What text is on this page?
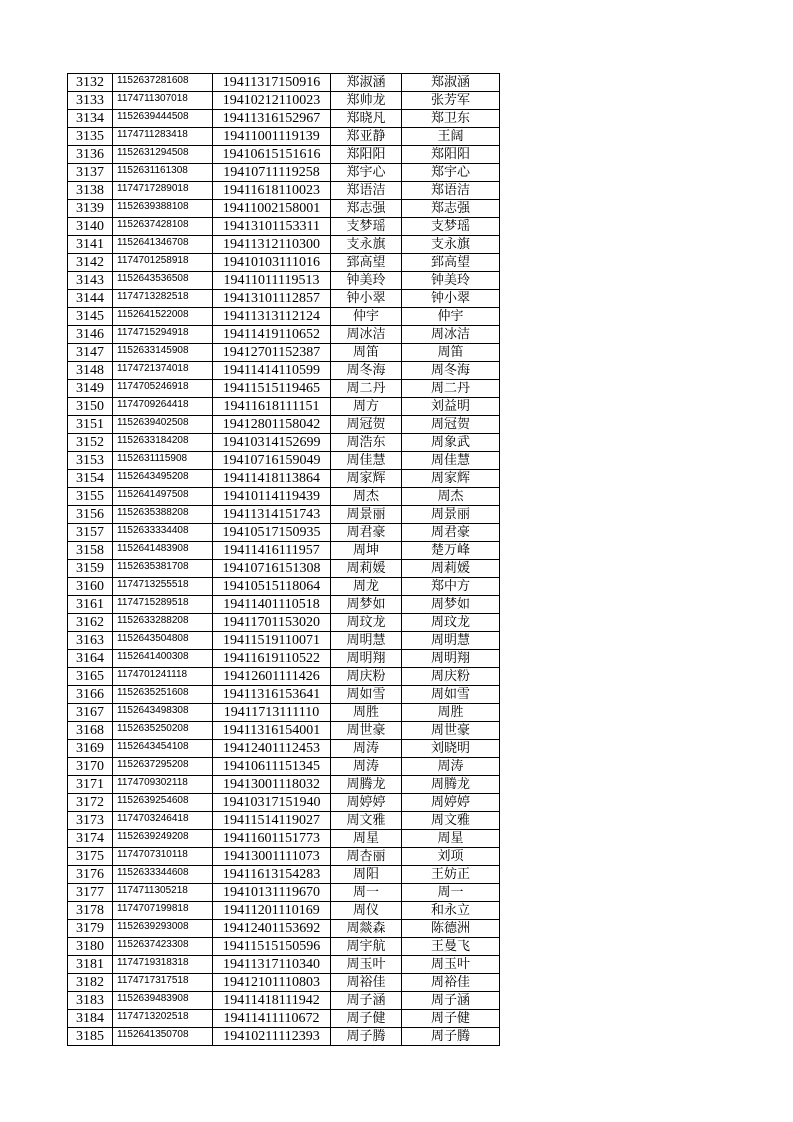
3132	1152637281608	19411317150916	郑淑涵	郑淑涵
3133	1174711307018	19410212110023	郑帅龙	张芳军
3134	1152639444508	19411316152967	郑晓凡	郑卫东
3135	1174711283418	19411001119139	郑亚静	王阔
3136	1152631294508	19410615151616	郑阳阳	郑阳阳
3137	1152631161308	19410711119258	郑宇心	郑宇心
3138	1174717289018	19411618110023	郑语洁	郑语洁
3139	1152639388108	19411002158001	郑志强	郑志强
3140	1152637428108	19413101153311	支梦瑶	支梦瑶
3141	1152641346708	19411312110300	支永旗	支永旗
3142	1174701258918	19410103111016	郅高望	郅高望
3143	1152643536508	19411011119513	钟美玲	钟美玲
3144	1174713282518	19413101112857	钟小翠	钟小翠
3145	1152641522008	19411313112124	仲宇	仲宇
3146	1174715294918	19411419110652	周冰洁	周冰洁
3147	1152633145908	19412701152387	周笛	周笛
3148	1174721374018	19411414110599	周冬海	周冬海
3149	1174705246918	19411515119465	周二丹	周二丹
3150	1174709264418	19411618111151	周方	刘益明
3151	1152639402508	19412801158042	周冠贺	周冠贺
3152	1152633184208	19410314152699	周浩东	周象武
3153	1152631115908	19410716159049	周佳慧	周佳慧
3154	1152643495208	19411418113864	周家辉	周家辉
3155	1152641497508	19410114119439	周杰	周杰
3156	1152635388208	19411314151743	周景丽	周景丽
3157	1152633334408	19410517150935	周君豪	周君豪
3158	1152641483908	19411416111957	周坤	楚万峰
3159	1152635381708	19410716151308	周莉媛	周莉媛
3160	1174713255518	19410515118064	周龙	郑中方
3161	1174715289518	19411401110518	周梦如	周梦如
3162	1152633288208	19411701153020	周玟龙	周玟龙
3163	1152643504808	19411519110071	周明慧	周明慧
3164	1152641400308	19411619110522	周明翔	周明翔
3165	1174701241118	19412601111426	周庆粉	周庆粉
3166	1152635251608	19411316153641	周如雪	周如雪
3167	1152643498308	19411713111110	周胜	周胜
3168	1152635250208	19411316154001	周世豪	周世豪
3169	1152643454108	19412401112453	周涛	刘晓明
3170	1152637295208	19410611151345	周涛	周涛
3171	1174709302118	19413001118032	周腾龙	周腾龙
3172	1152639254608	19410317151940	周婷婷	周婷婷
3173	1174703246418	19411514119027	周文雅	周文雅
3174	1152639249208	19411601151773	周星	周星
3175	1174707310118	19413001111073	周杏丽	刘项
3176	1152633344608	19411613154283	周阳	王妨正
3177	1174711305218	19410131119670	周一	周一
3178	1174707199818	19411201110169	周仪	和永立
3179	1152639293008	19412401153692	周燚森	陈德洲
3180	1152637423308	19411515150596	周宇航	王曼飞
3181	1174719318318	19411317110340	周玉叶	周玉叶
3182	1174717317518	19412101110803	周裕佳	周裕佳
3183	1152639483908	19411418111942	周子涵	周子涵
3184	1174713202518	19411411110672	周子健	周子健
3185	1152641350708	19410211112393	周子腾	周子腾
